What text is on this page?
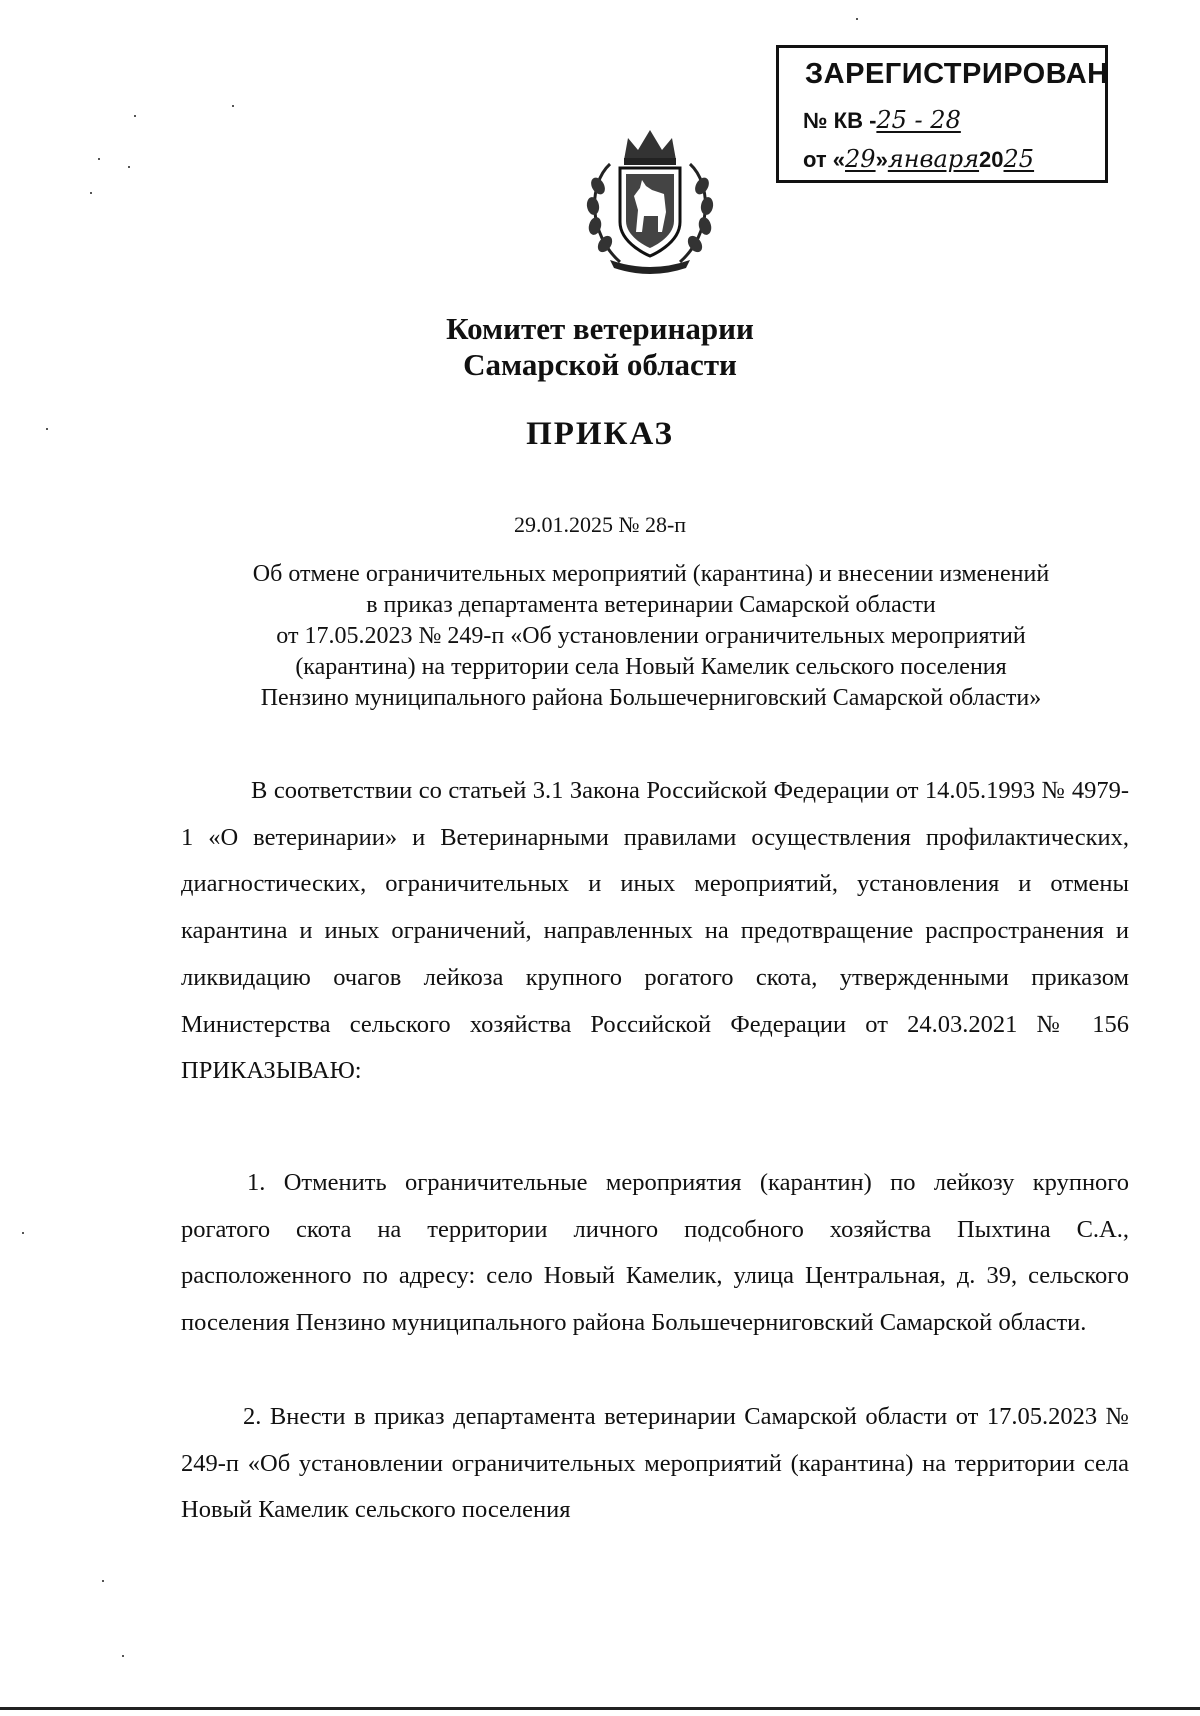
ЗАРЕГИСТРИРОВАН
№ КВ -25 - 28
от «29»января2025
Комитет ветеринарии
Самарской области
ПРИКАЗ
29.01.2025 № 28-п
Об отмене ограничительных мероприятий (карантина) и внесении изменений
в приказ департамента ветеринарии Самарской области
от 17.05.2023 № 249-п «Об установлении ограничительных мероприятий
(карантина) на территории села Новый Камелик сельского поселения
Пензино муниципального района Большечерниговский Самарской области»
В соответствии со статьей 3.1 Закона Российской Федерации от 14.05.1993 № 4979-1 «О ветеринарии» и Ветеринарными правилами осуществления профилактических, диагностических, ограничительных и иных мероприятий, установления и отмены карантина и иных ограничений, направленных на предотвращение распространения и ликвидацию очагов лейкоза крупного рогатого скота, утвержденными приказом Министерства сельского хозяйства Российской Федерации от 24.03.2021 № 156 ПРИКАЗЫВАЮ:
1. Отменить ограничительные мероприятия (карантин) по лейкозу крупного рогатого скота на территории личного подсобного хозяйства Пыхтина С.А., расположенного по адресу: село Новый Камелик, улица Центральная, д. 39, сельского поселения Пензино муниципального района Большечерниговский Самарской области.
2. Внести в приказ департамента ветеринарии Самарской области от 17.05.2023 № 249-п «Об установлении ограничительных мероприятий (карантина) на территории села Новый Камелик сельского поселения
